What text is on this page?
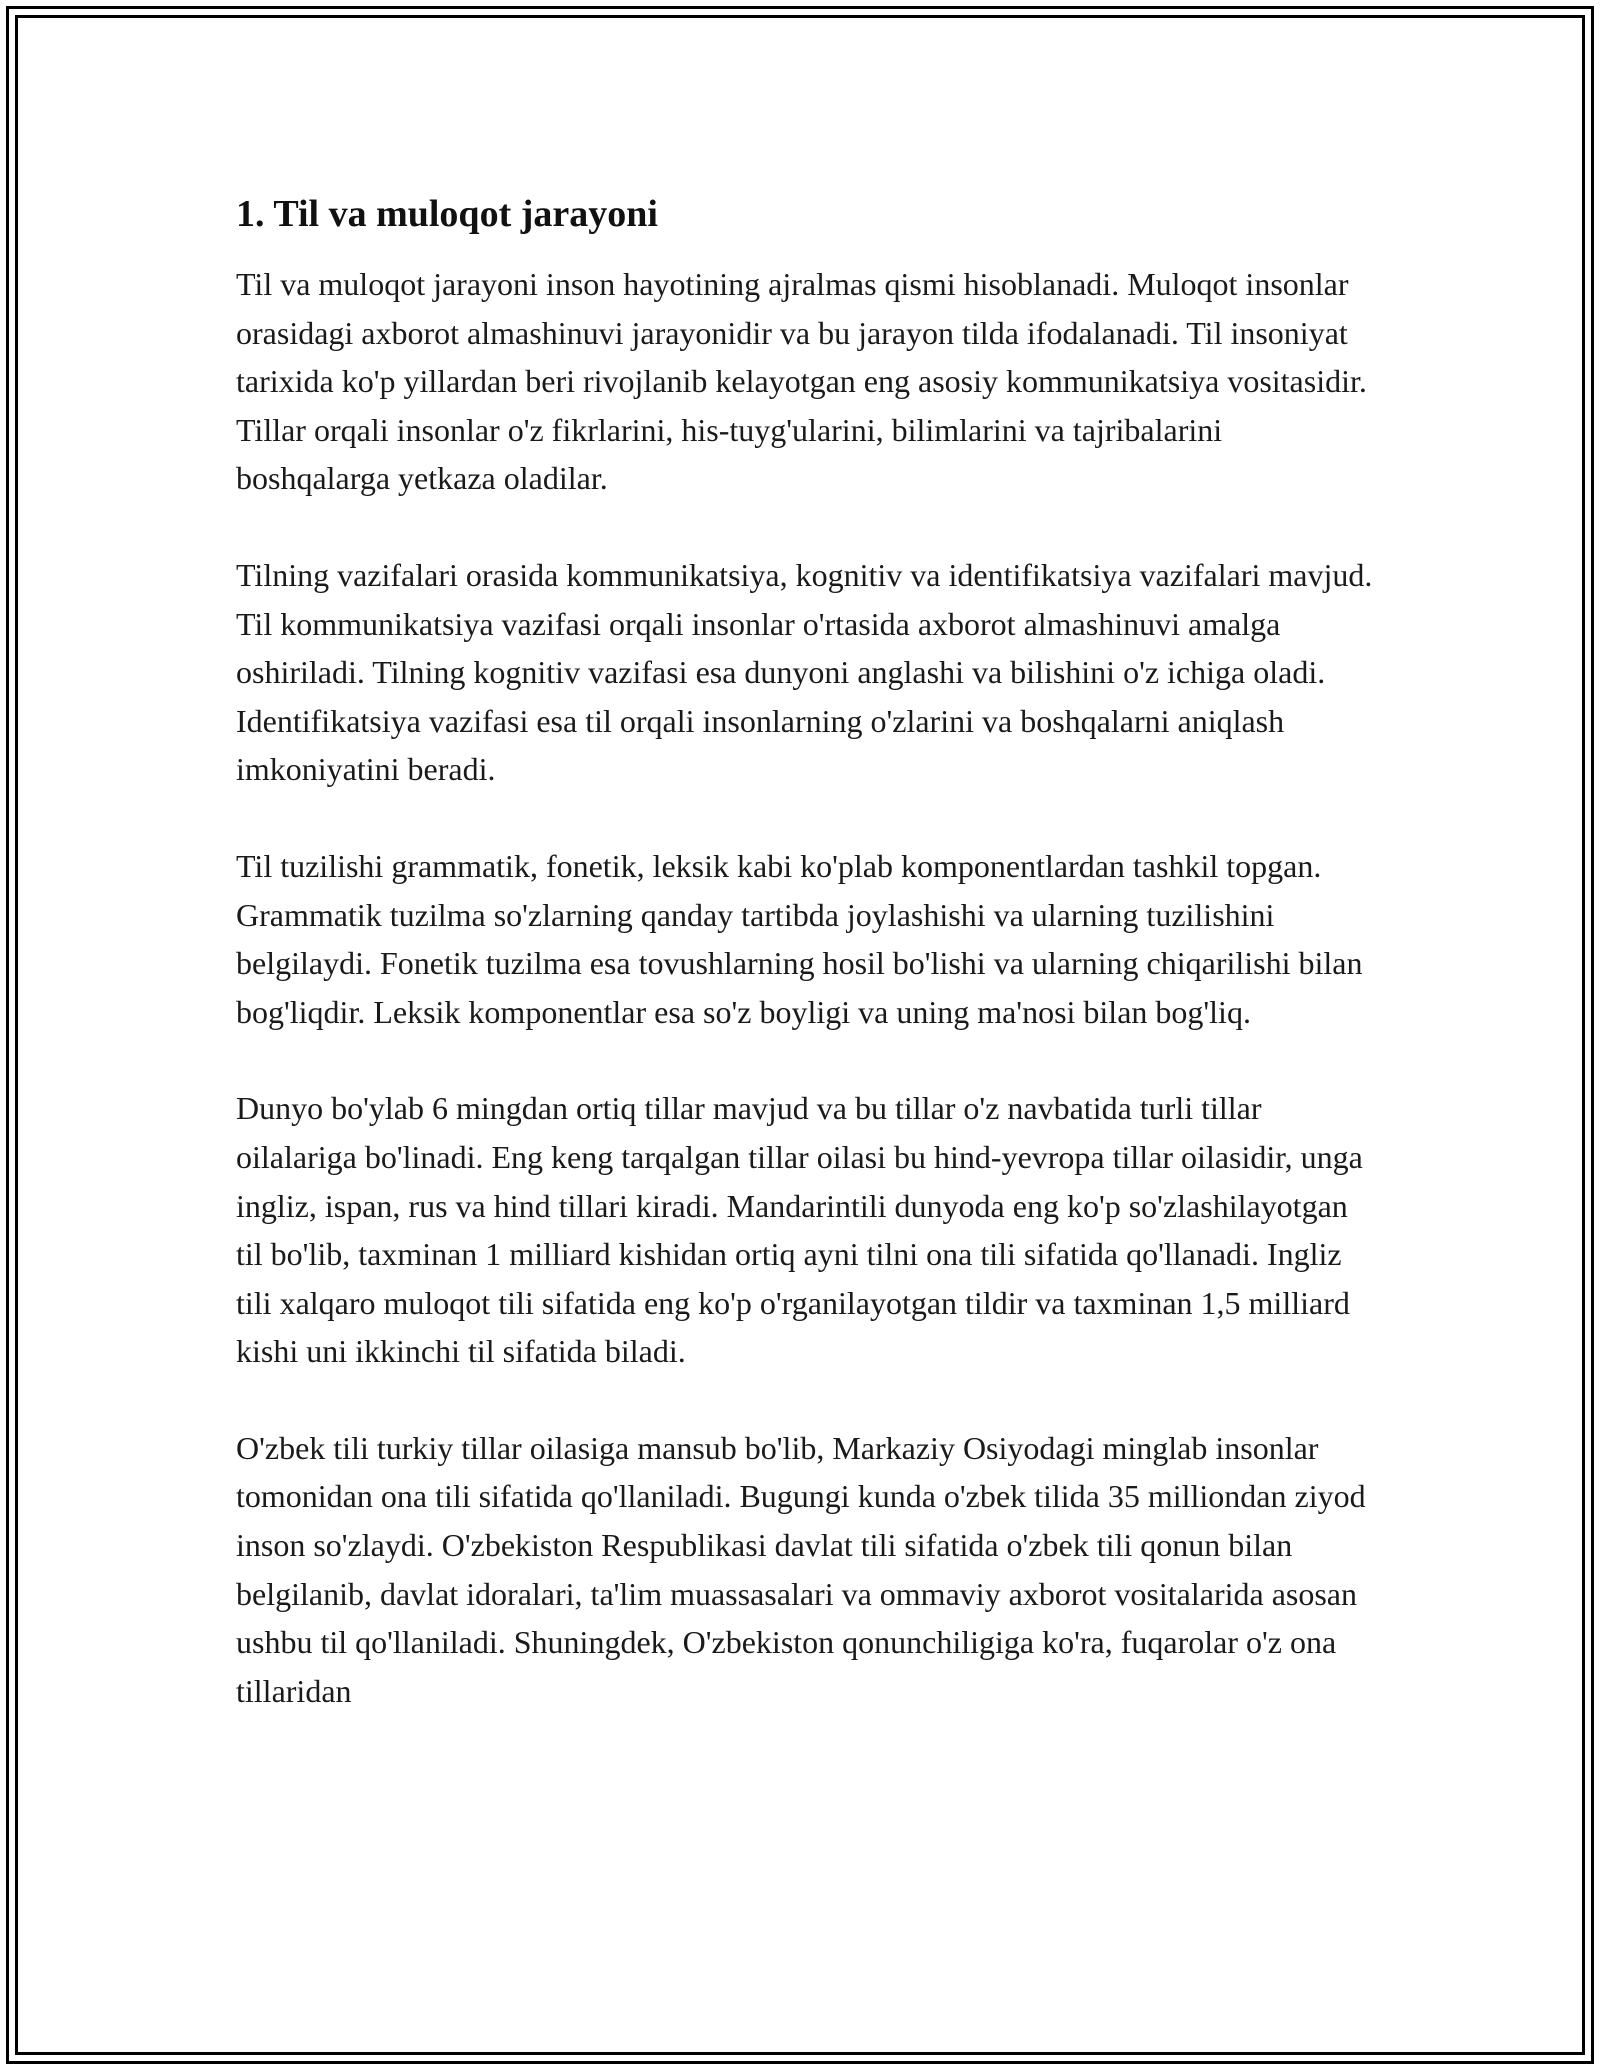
1. Til va muloqot jarayoni

Til va muloqot jarayoni inson hayotining ajralmas qismi hisoblanadi. Muloqot insonlar orasidagi axborot almashinuvi jarayonidir va bu jarayon tilda ifodalanadi. Til insoniyat tarixida ko'p yillardan beri rivojlanib kelayotgan eng asosiy kommunikatsiya vositasidir. Tillar orqali insonlar o'z fikrlarini, his-tuyg'ularini, bilimlarini va tajribalarini boshqalarga yetkaza oladilar.

Tilning vazifalari orasida kommunikatsiya, kognitiv va identifikatsiya vazifalari mavjud. Til kommunikatsiya vazifasi orqali insonlar o'rtasida axborot almashinuvi amalga oshiriladi. Tilning kognitiv vazifasi esa dunyoni anglashi va bilishini o'z ichiga oladi. Identifikatsiya vazifasi esa til orqali insonlarning o'zlarini va boshqalarni aniqlash imkoniyatini beradi.

Til tuzilishi grammatik, fonetik, leksik kabi ko'plab komponentlardan tashkil topgan. Grammatik tuzilma so'zlarning qanday tartibda joylashishi va ularning tuzilishini belgilaydi. Fonetik tuzilma esa tovushlarning hosil bo'lishi va ularning chiqarilishi bilan bog'liqdir. Leksik komponentlar esa so'z boyligi va uning ma'nosi bilan bog'liq.

Dunyo bo'ylab 6 mingdan ortiq tillar mavjud va bu tillar o'z navbatida turli tillar oilalariga bo'linadi. Eng keng tarqalgan tillar oilasi bu hind-yevropa tillar oilasidir, unga ingliz, ispan, rus va hind tillari kiradi. Mandarintili dunyoda eng ko'p so'zlashilayotgan til bo'lib, taxminan 1 milliard kishidan ortiq ayni tilni ona tili sifatida qo'llanadi. Ingliz tili xalqaro muloqot tili sifatida eng ko'p o'rganilayotgan tildir va taxminan 1,5 milliard kishi uni ikkinchi til sifatida biladi.

O'zbek tili turkiy tillar oilasiga mansub bo'lib, Markaziy Osiyodagi minglab insonlar tomonidan ona tili sifatida qo'llaniladi. Bugungi kunda o'zbek tilida 35 milliondan ziyod inson so'zlaydi. O'zbekiston Respublikasi davlat tili sifatida o'zbek tili qonun bilan belgilanib, davlat idoralari, ta'lim muassasalari va ommaviy axborot vositalarida asosan ushbu til qo'llaniladi. Shuningdek, O'zbekiston qonunchiligiga ko'ra, fuqarolar o'z ona tillaridan
